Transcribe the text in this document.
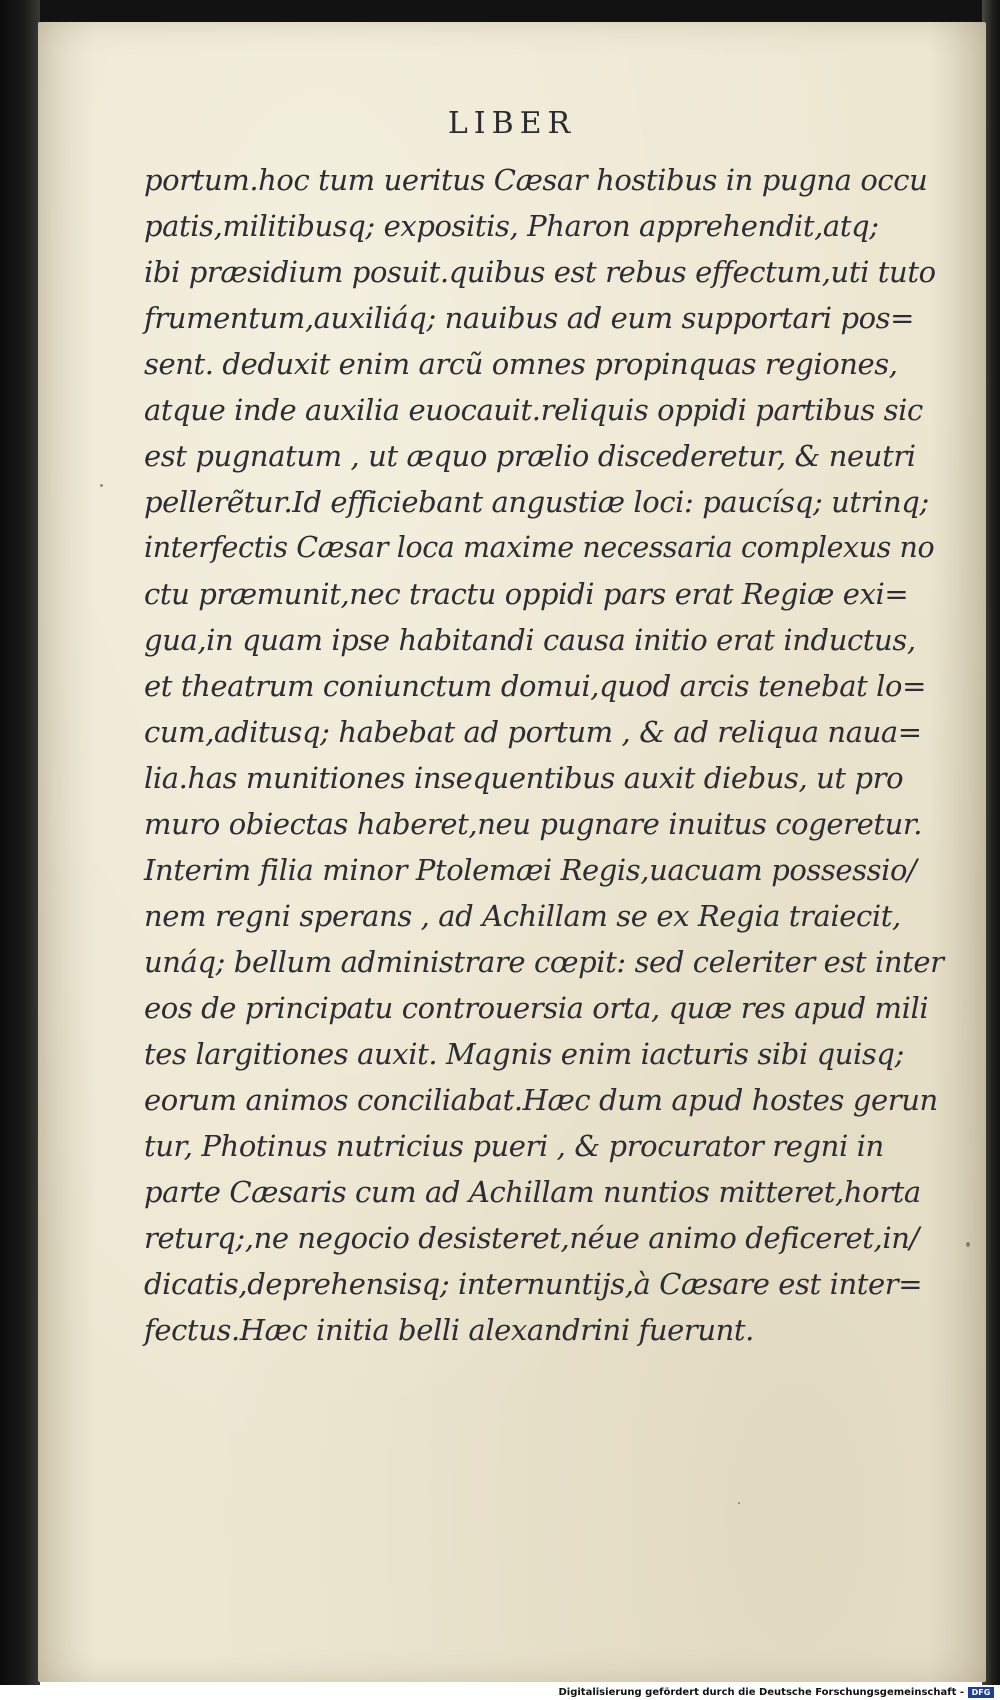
LIBER
portum.hoc tum ueritus Cæsar hostibus in pugna occu
patis,militibusq; expositis, Pharon apprehendit,atq;
ibi præsidium posuit.quibus est rebus effectum,uti tuto
frumentum,auxiliáq; nauibus ad eum supportari pos=
sent. deduxit enim arcũ omnes propinquas regiones,
atque inde auxilia euocauit.reliquis oppidi partibus sic
est pugnatum , ut æquo prælio discederetur, & neutri
pellerẽtur.Id efficiebant angustiæ loci: paucísq; utrinq;
interfectis Cæsar loca maxime necessaria complexus no
ctu præmunit,nec tractu oppidi pars erat Regiæ exi=
gua,in quam ipse habitandi causa initio erat inductus,
et theatrum coniunctum domui,quod arcis tenebat lo=
cum,aditusq; habebat ad portum , & ad reliqua naua=
lia.has munitiones insequentibus auxit diebus, ut pro
muro obiectas haberet,neu pugnare inuitus cogeretur.
Interim filia minor Ptolemæi Regis,uacuam possessio/
nem regni sperans , ad Achillam se ex Regia traiecit,
unáq; bellum administrare cœpit: sed celeriter est inter
eos de principatu controuersia orta, quæ res apud mili
tes largitiones auxit. Magnis enim iacturis sibi quisq;
eorum animos conciliabat.Hæc dum apud hostes gerun
tur, Photinus nutricius pueri , & procurator regni in
parte Cæsaris cum ad Achillam nuntios mitteret,horta
returq;,ne negocio desisteret,néue animo deficeret,in/
dicatis,deprehensisq; internuntijs,à Cæsare est inter=
fectus.Hæc initia belli alexandrini fuerunt.
Digitalisierung gefördert durch die Deutsche Forschungsgemeinschaft - DFG
